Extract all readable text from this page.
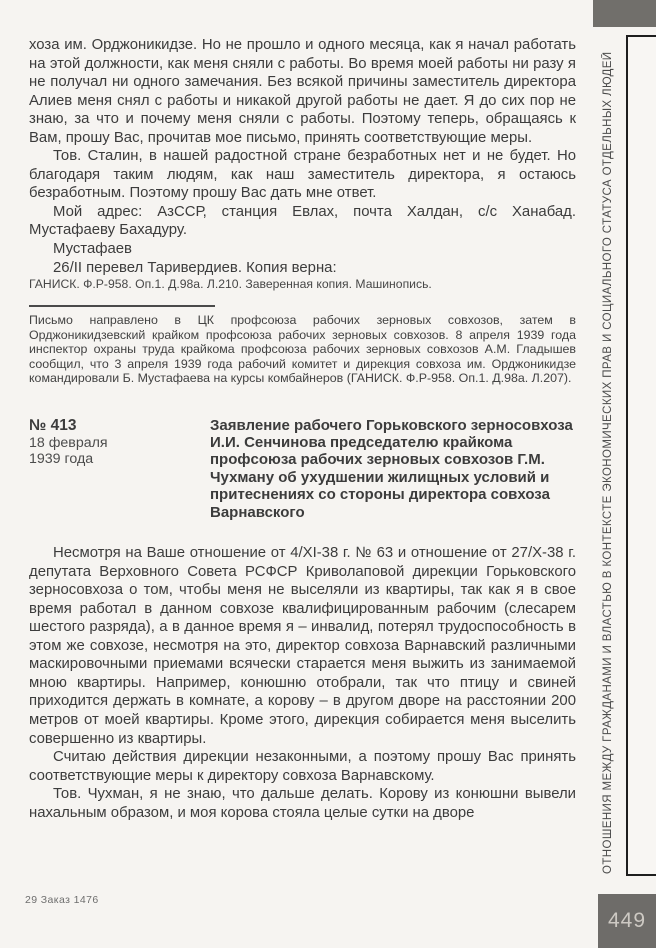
хоза им. Орджоникидзе. Но не прошло и одного месяца, как я начал работать на этой должности, как меня сняли с работы. Во время моей работы ни разу я не получал ни одного замечания. Без всякой причины заместитель директора Алиев меня снял с работы и никакой другой работы не дает. Я до сих пор не знаю, за что и почему меня сняли с работы. Поэтому теперь, обращаясь к Вам, прошу Вас, прочитав мое письмо, принять соответствующие меры.

Тов. Сталин, в нашей радостной стране безработных нет и не будет. Но благодаря таким людям, как наш заместитель директора, я остаюсь безработным. Поэтому прошу Вас дать мне ответ.

Мой адрес: АзССР, станция Евлах, почта Халдан, с/с Ханабад. Мустафаеву Бахадуру.

Мустафаев

26/II перевел Таривердиев. Копия верна:

ГАНИСК. Ф.Р-958. Оп.1. Д.98а. Л.210. Заверенная копия. Машинопись.

Письмо направлено в ЦК профсоюза рабочих зерновых совхозов, затем в Орджоникидзевский крайком профсоюза рабочих зерновых совхозов. 8 апреля 1939 года инспектор охраны труда крайкома профсоюза рабочих зерновых совхозов А.М. Гладышев сообщил, что 3 апреля 1939 года рабочий комитет и дирекция совхоза им. Орджоникидзе командировали Б. Мустафаева на курсы комбайнеров (ГАНИСК. Ф.Р-958. Оп.1. Д.98а. Л.207).

№ 413
18 февраля
1939 года
Заявление рабочего Горьковского зерносовхоза И.И. Сенчинова председателю крайкома профсоюза рабочих зерновых совхозов Г.М. Чухману об ухудшении жилищных условий и притеснениях со стороны директора совхоза Варнавского

Несмотря на Ваше отношение от 4/XI-38 г. № 63 и отношение от 27/X-38 г. депутата Верховного Совета РСФСР Криволаповой дирекции Горьковского зерносовхоза о том, чтобы меня не выселяли из квартиры, так как я в свое время работал в данном совхозе квалифицированным рабочим (слесарем шестого разряда), а в данное время я – инвалид, потерял трудоспособность в этом же совхозе, несмотря на это, директор совхоза Варнавский различными маскировочными приемами всячески старается меня выжить из занимаемой мною квартиры. Например, конюшню отобрали, так что птицу и свиней приходится держать в комнате, а корову – в другом дворе на расстоянии 200 метров от моей квартиры. Кроме этого, дирекция собирается меня выселить совершенно из квартиры.

Считаю действия дирекции незаконными, а поэтому прошу Вас принять соответствующие меры к директору совхоза Варнавскому.

Тов. Чухман, я не знаю, что дальше делать. Корову из конюшни вывели нахальным образом, и моя корова стояла целые сутки на дворе

29 Заказ 1476
ОТНОШЕНИЯ МЕЖДУ ГРАЖДАНАМИ И ВЛАСТЬЮ В КОНТЕКСТЕ ЭКОНОМИЧЕСКИХ ПРАВ И СОЦИАЛЬНОГО СТАТУСА ОТДЕЛЬНЫХ ЛЮДЕЙ
449
